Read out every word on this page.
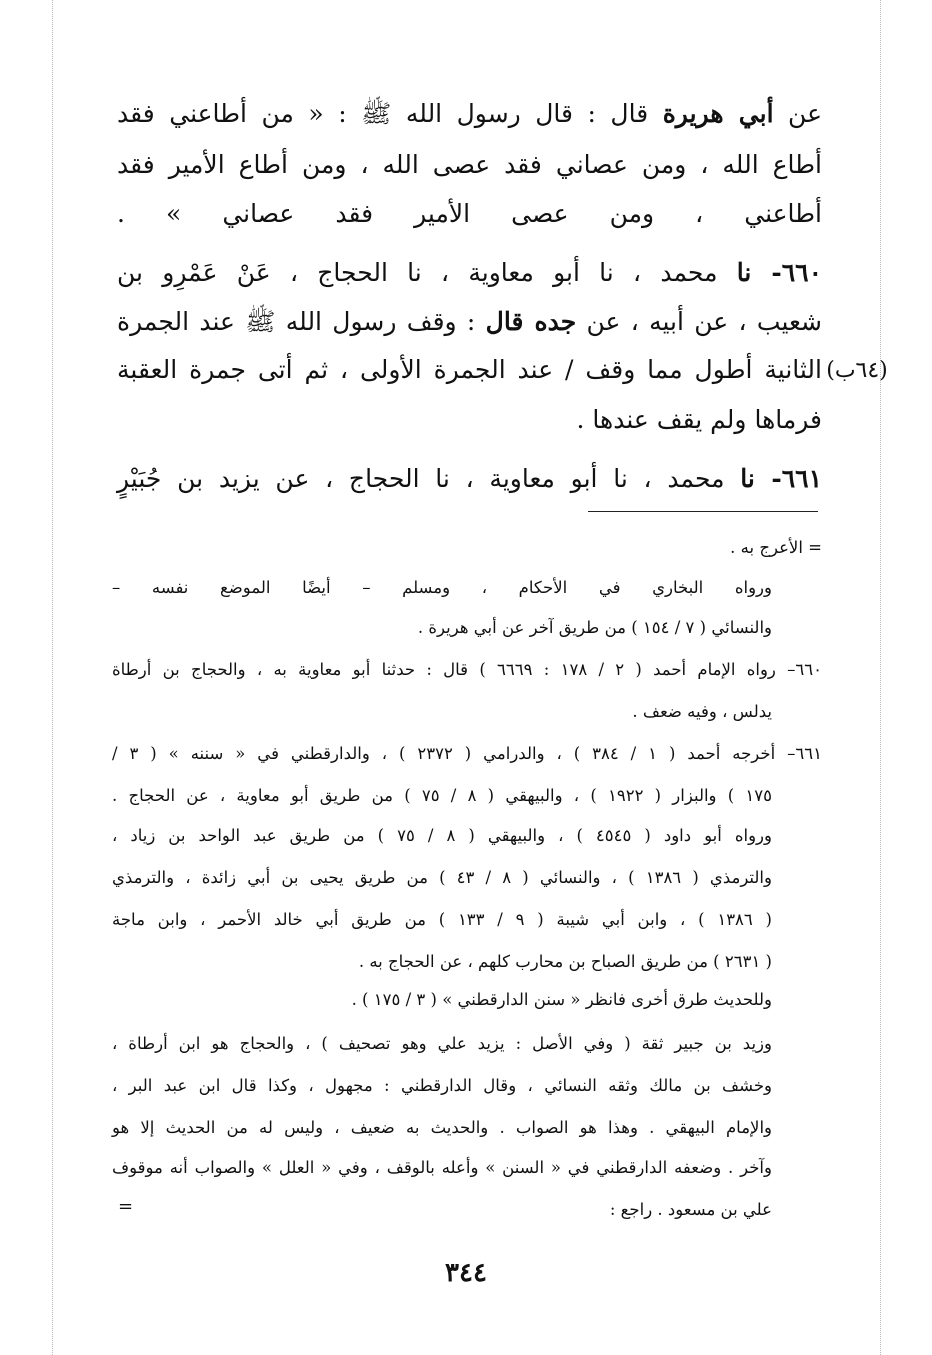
عن أبي هريرة قال : قال رسول الله ﷺ : « من أطاعني فقد
أطاع الله ، ومن عصاني فقد عصى الله ، ومن أطاع الأمير فقد
أطاعني ، ومن عصى الأمير فقد عصاني » .
٦٦٠- نا محمد ، نا أبو معاوية ، نا الحجاج ، عَنْ عَمْرِو بن
شعيب ، عن أبيه ، عن جده قال : وقف رسول الله ﷺ عند الجمرة
الثانية أطول مما وقف / عند الجمرة الأولى ، ثم أتى جمرة العقبة (٦٤ب)
فرماها ولم يقف عندها .
٦٦١- نا محمد ، نا أبو معاوية ، نا الحجاج ، عن يزيد بن جُبَيْرٍ
= الأعرج به .
ورواه البخاري في الأحكام ، ومسلم – أيضًا الموضع نفسه –
والنسائي ( ٧ / ١٥٤ ) من طريق آخر عن أبي هريرة .
٦٦٠– رواه الإمام أحمد ( ٢ / ١٧٨ : ٦٦٦٩ ) قال : حدثنا أبو معاوية به ، والحجاج بن أرطاة
يدلس ، وفيه ضعف .
٦٦١– أخرجه أحمد ( ١ / ٣٨٤ ) ، والدرامي ( ٢٣٧٢ ) ، والدارقطني في « سننه » ( ٣ /
١٧٥ ) والبزار ( ١٩٢٢ ) ، والبيهقي ( ٨ / ٧٥ ) من طريق أبو معاوية ، عن الحجاج .
ورواه أبو داود ( ٤٥٤٥ ) ، والبيهقي ( ٨ / ٧٥ ) من طريق عبد الواحد بن زياد ،
والترمذي ( ١٣٨٦ ) ، والنسائي ( ٨ / ٤٣ ) من طريق يحيى بن أبي زائدة ، والترمذي
( ١٣٨٦ ) ، وابن أبي شيبة ( ٩ / ١٣٣ ) من طريق أبي خالد الأحمر ، وابن ماجة
( ٢٦٣١ ) من طريق الصباح بن محارب كلهم ، عن الحجاج به .
وللحديث طرق أخرى فانظر « سنن الدارقطني » ( ٣ / ١٧٥ ) .
وزيد بن جبير ثقة ( وفي الأصل : يزيد علي وهو تصحيف ) ، والحجاج هو ابن أرطاة ،
وخشف بن مالك وثقه النسائي ، وقال الدارقطني : مجهول ، وكذا قال ابن عبد البر ،
والإمام البيهقي . وهذا هو الصواب . والحديث به ضعيف ، وليس له من الحديث إلا هو
وآخر . وضعفه الدارقطني في « السنن » وأعله بالوقف ، وفي « العلل » والصواب أنه موقوف
علي بن مسعود . راجع :
=
٣٤٤
